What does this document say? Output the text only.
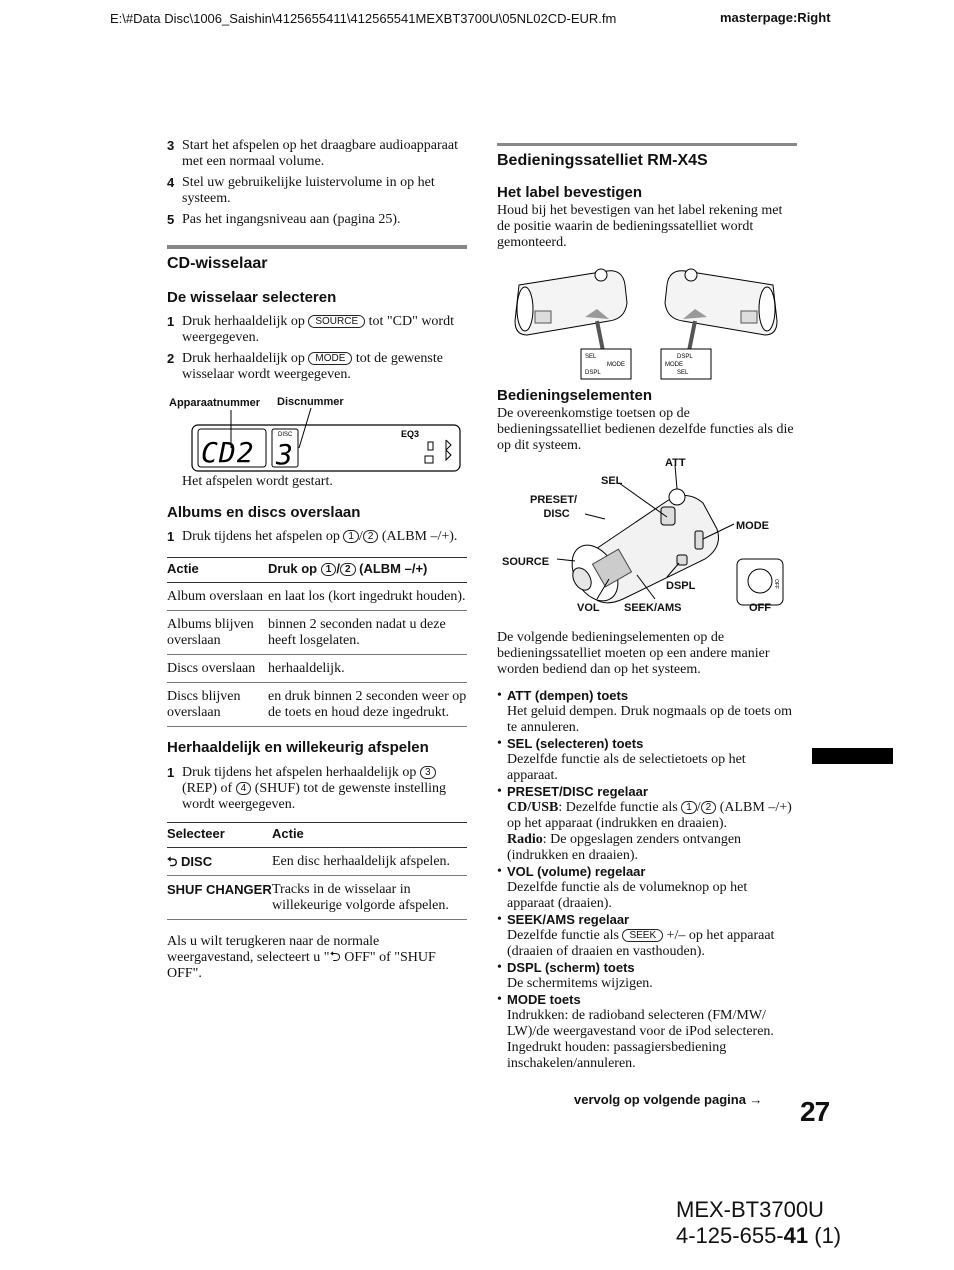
E:\#Data Disc\1006_Saishin\4125655411\412565541MEXBT3700U\05NL02CD-EUR.fm	masterpage:Right
3 Start het afspelen op het draagbare audioapparaat met een normaal volume.
4 Stel uw gebruikelijke luistervolume in op het systeem.
5 Pas het ingangsniveau aan (pagina 25).
CD-wisselaar
De wisselaar selecteren
1 Druk herhaaldelijk op SOURCE tot "CD" wordt weergegeven.
2 Druk herhaaldelijk op MODE tot de gewenste wisselaar wordt weergegeven.
Apparaatnummer Discnummer
DISC
CD2 3
EQ3
Het afspelen wordt gestart.
Albums en discs overslaan
1 Druk tijdens het afspelen op 1 / 2 (ALBM –/+).
Actie	Druk op 1 / 2 (ALBM –/+)
Album overslaan	en laat los (kort ingedrukt houden).
Albums blijven overslaan	binnen 2 seconden nadat u deze heeft losgelaten.
Discs overslaan	herhaaldelijk.
Discs blijven overslaan	en druk binnen 2 seconden weer op de toets en houd deze ingedrukt.
Herhaaldelijk en willekeurig afspelen
1 Druk tijdens het afspelen herhaaldelijk op 3 (REP) of 4 (SHUF) tot de gewenste instelling wordt weergegeven.
Selecteer	Actie
⮌ DISC	Een disc herhaaldelijk afspelen.
SHUF CHANGER	Tracks in de wisselaar in willekeurige volgorde afspelen.
Als u wilt terugkeren naar de normale weergavestand, selecteert u "⮌ OFF" of "SHUF OFF".
Bedieningssatelliet RM-X4S
Het label bevestigen
Houd bij het bevestigen van het label rekening met de positie waarin de bedieningssatelliet wordt gemonteerd.
SEL
MODE
DSPL
DSPL
MODE
SEL
Bedieningselementen
De overeenkomstige toetsen op de bedieningssatelliet bedienen dezelfde functies als die op dit systeem.
OFF
ATT
SEL
PRESET/
DISC
MODE
SOURCE
DSPL
VOL SEEK/AMS	OFF
De volgende bedieningselementen op de bedieningssatelliet moeten op een andere manier worden bediend dan op het systeem.
• ATT (dempen) toets
Het geluid dempen. Druk nogmaals op de toets om te annuleren.
• SEL (selecteren) toets
Dezelfde functie als de selectietoets op het apparaat.
• PRESET/DISC regelaar
CD/USB: Dezelfde functie als 1 / 2 (ALBM –/+) op het apparaat (indrukken en draaien).
Radio: De opgeslagen zenders ontvangen (indrukken en draaien).
• VOL (volume) regelaar
Dezelfde functie als de volumeknop op het apparaat (draaien).
• SEEK/AMS regelaar
Dezelfde functie als SEEK +/– op het apparaat (draaien of draaien en vasthouden).
• DSPL (scherm) toets
De schermitems wijzigen.
• MODE toets
Indrukken: de radioband selecteren (FM/MW/ LW)/de weergavestand voor de iPod selecteren. Ingedrukt houden: passagiersbediening inschakelen/annuleren.
vervolg op volgende pagina → 27
MEX-BT3700U
4-125-655-41 (1)
